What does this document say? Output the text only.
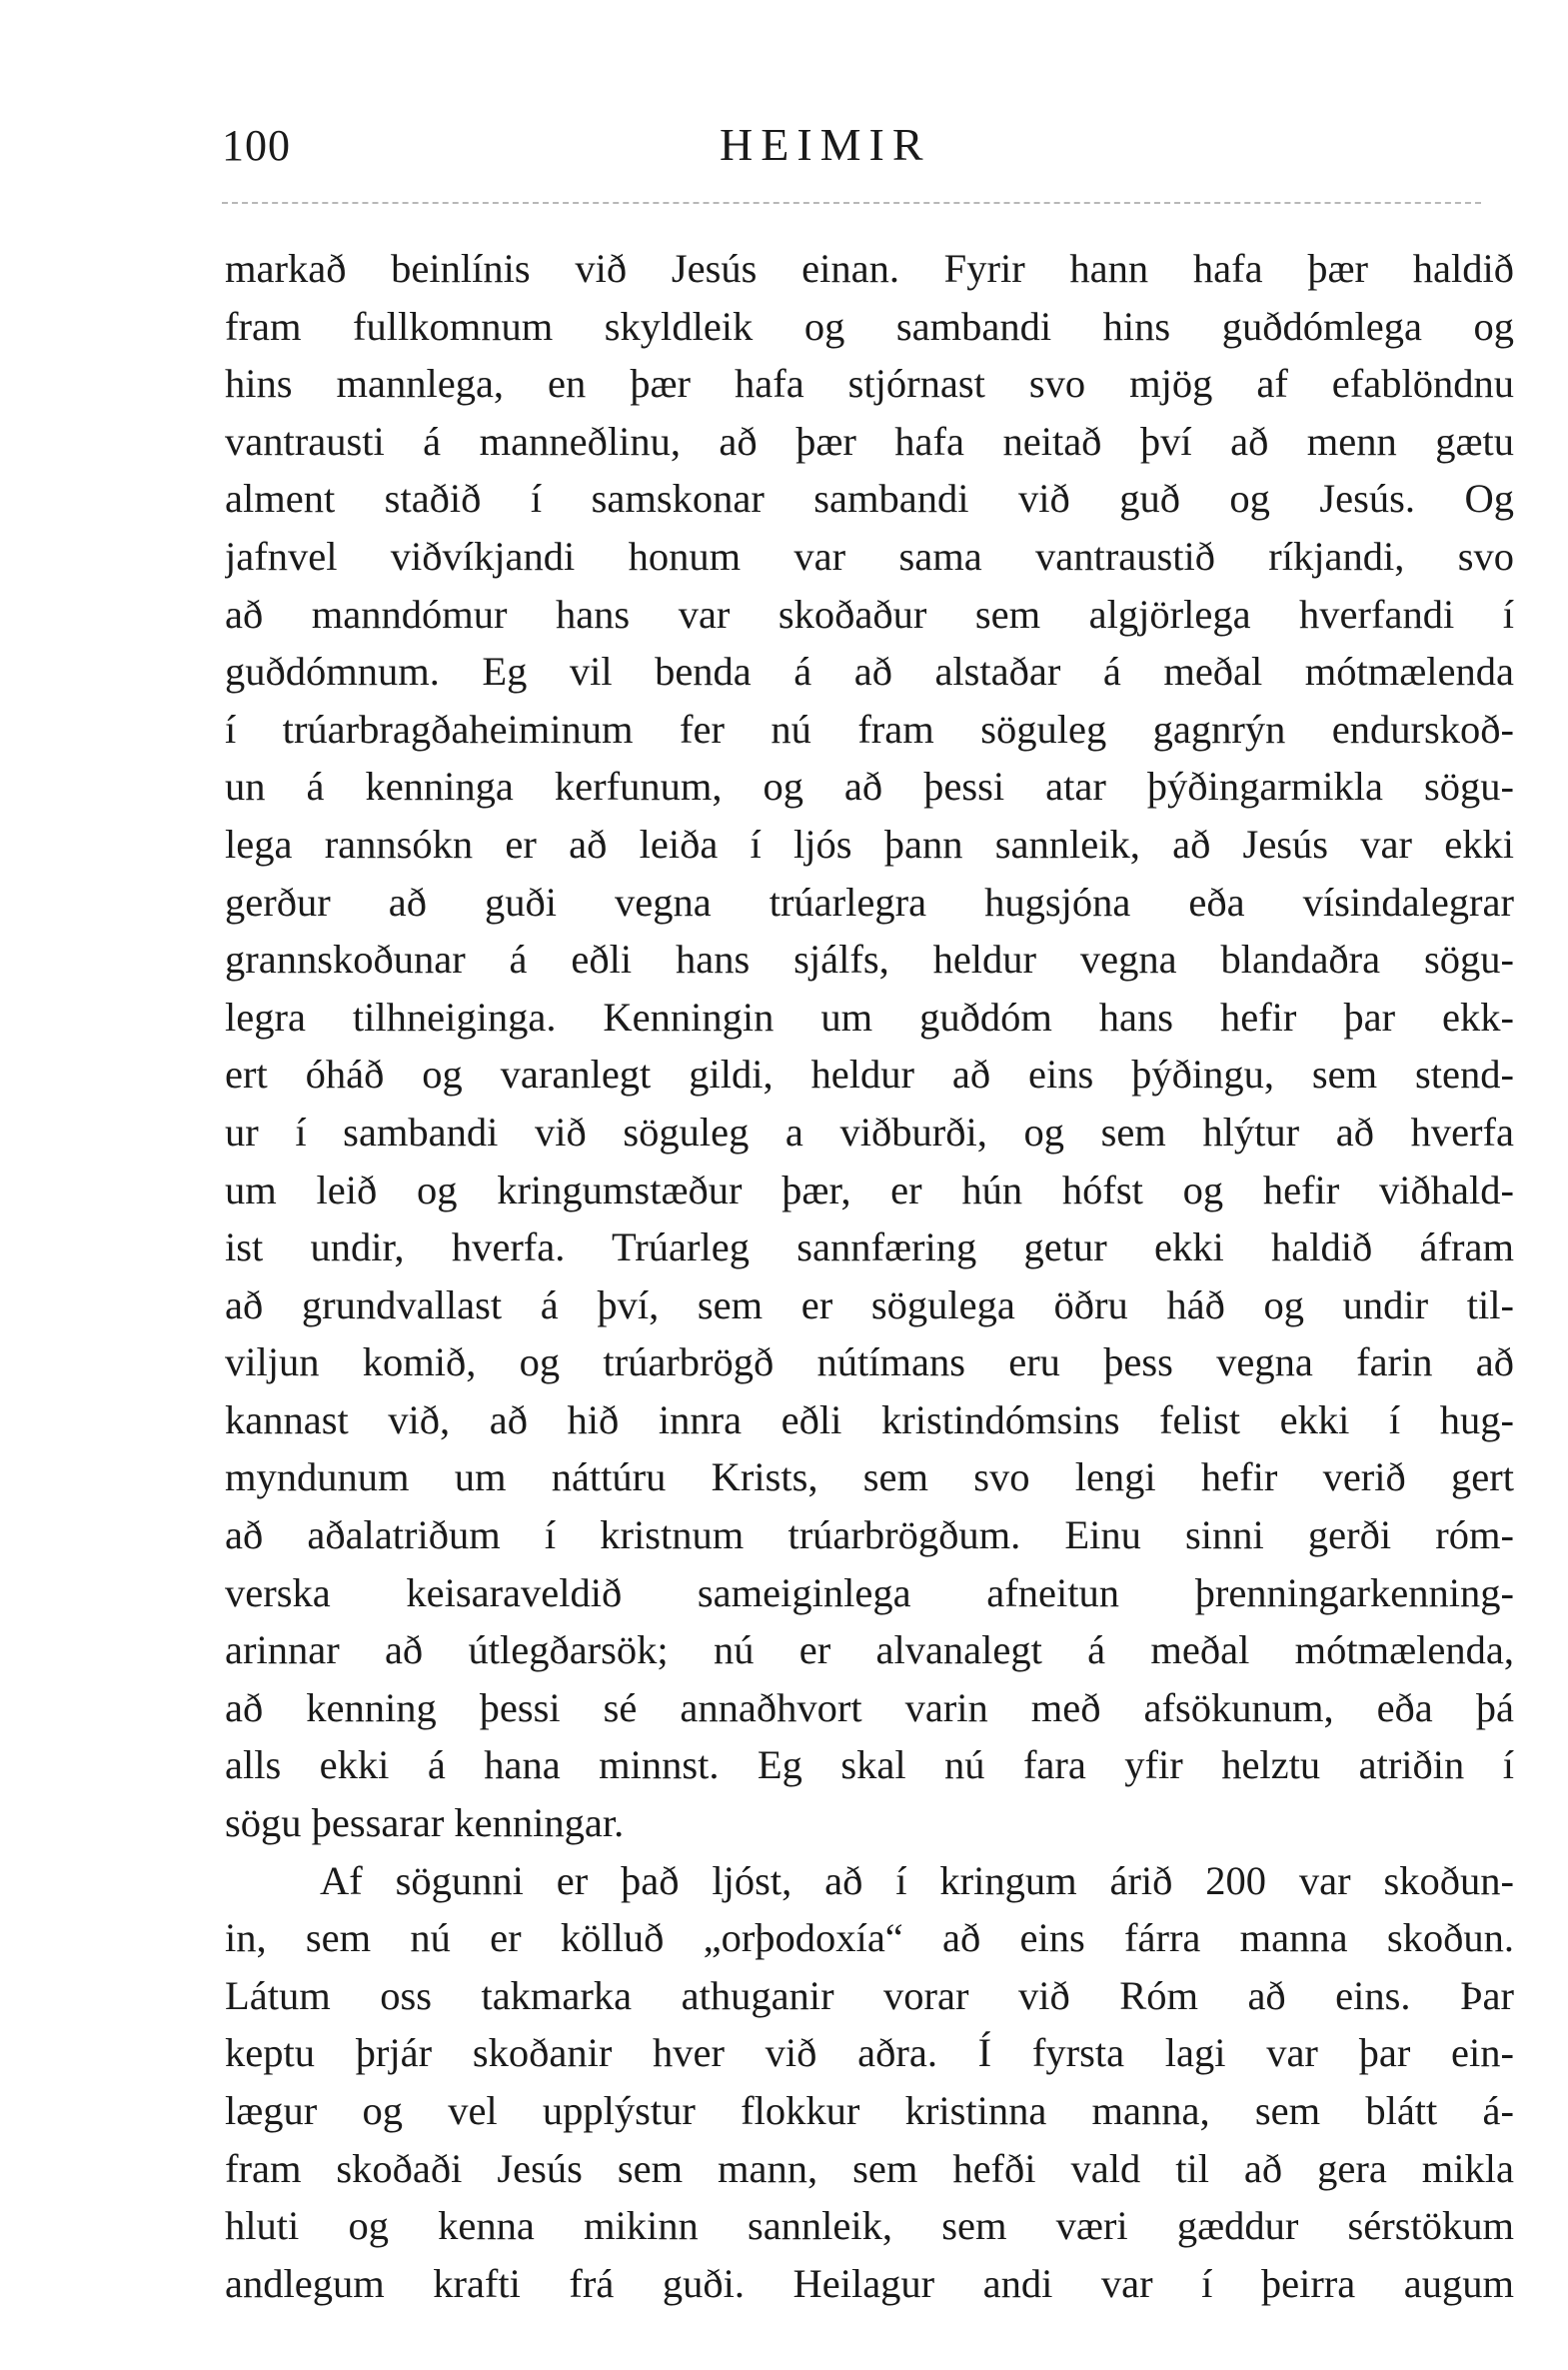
100	HEIMIR
markað beinlínis við Jesús einan. Fyrir hann hafa þær haldið
fram fullkomnum skyldleik og sambandi hins guðdómlega og
hins mannlega, en þær hafa stjórnast svo mjög af efablöndnu
vantrausti á manneðlinu, að þær hafa neitað því að menn gætu
alment staðið í samskonar sambandi við guð og Jesús. Og
jafnvel viðvíkjandi honum var sama vantraustið ríkjandi, svo
að manndómur hans var skoðaður sem algjörlega hverfandi í
guðdómnum. Eg vil benda á að alstaðar á meðal mótmælenda
í trúarbragðaheiminum fer nú fram söguleg gagnrýn endurskoð-
un á kenninga kerfunum, og að þessi atar þýðingarmikla sögu-
lega rannsókn er að leiða í ljós þann sannleik, að Jesús var ekki
gerður að guði vegna trúarlegra hugsjóna eða vísindalegrar
grannskoðunar á eðli hans sjálfs, heldur vegna blandaðra sögu-
legra tilhneiginga. Kenningin um guðdóm hans hefir þar ekk-
ert óháð og varanlegt gildi, heldur að eins þýðingu, sem stend-
ur í sambandi við söguleg a viðburði, og sem hlýtur að hverfa
um leið og kringumstæður þær, er hún hófst og hefir viðhald-
ist undir, hverfa. Trúarleg sannfæring getur ekki haldið áfram
að grundvallast á því, sem er sögulega öðru háð og undir til-
viljun komið, og trúarbrögð nútímans eru þess vegna farin að
kannast við, að hið innra eðli kristindómsins felist ekki í hug-
myndunum um náttúru Krists, sem svo lengi hefir verið gert
að aðalatriðum í kristnum trúarbrögðum. Einu sinni gerði róm-
verska keisaraveldið sameiginlega afneitun þrenningarkenning-
arinnar að útlegðarsök; nú er alvanalegt á meðal mótmælenda,
að kenning þessi sé annaðhvort varin með afsökunum, eða þá
alls ekki á hana minnst. Eg skal nú fara yfir helztu atriðin í
sögu þessarar kenningar.
Af sögunni er það ljóst, að í kringum árið 200 var skoðun-
in, sem nú er kölluð „orþodoxía“ að eins fárra manna skoðun.
Látum oss takmarka athuganir vorar við Róm að eins. Þar
keptu þrjár skoðanir hver við aðra. Í fyrsta lagi var þar ein-
lægur og vel upplýstur flokkur kristinna manna, sem blátt á-
fram skoðaði Jesús sem mann, sem hefði vald til að gera mikla
hluti og kenna mikinn sannleik, sem væri gæddur sérstökum
andlegum krafti frá guði. Heilagur andi var í þeirra augum
